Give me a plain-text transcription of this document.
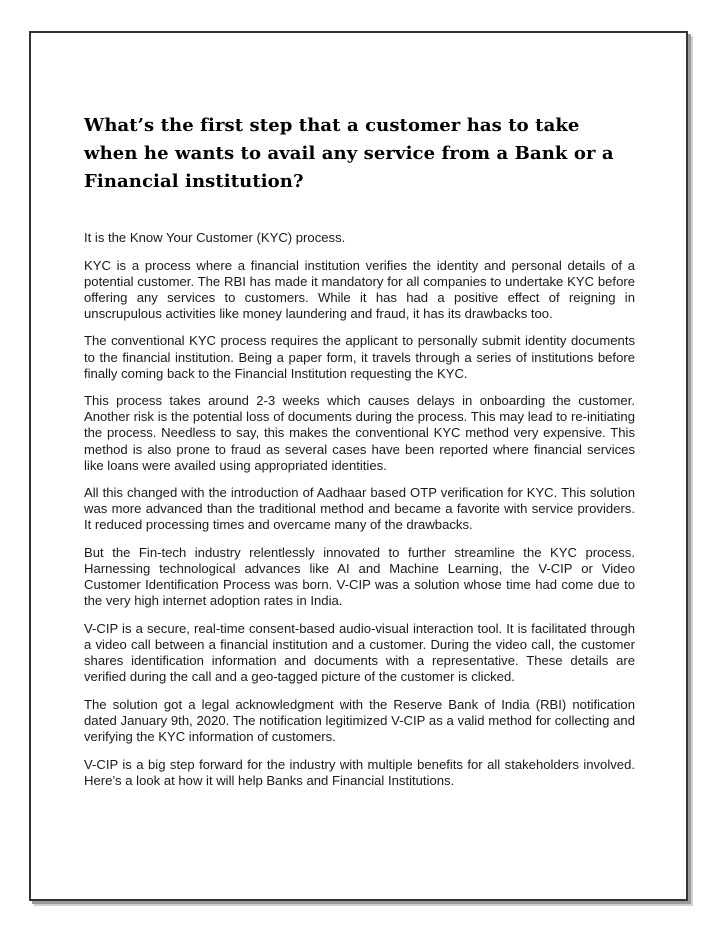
What’s the first step that a customer has to take when he wants to avail any service from a Bank or a Financial institution?

It is the Know Your Customer (KYC) process.

KYC is a process where a financial institution verifies the identity and personal details of a potential customer. The RBI has made it mandatory for all companies to undertake KYC before offering any services to customers. While it has had a positive effect of reigning in unscrupulous activities like money laundering and fraud, it has its drawbacks too.

The conventional KYC process requires the applicant to personally submit identity documents to the financial institution. Being a paper form, it travels through a series of institutions before finally coming back to the Financial Institution requesting the KYC.

This process takes around 2-3 weeks which causes delays in onboarding the customer. Another risk is the potential loss of documents during the process. This may lead to re-initiating the process. Needless to say, this makes the conventional KYC method very expensive. This method is also prone to fraud as several cases have been reported where financial services like loans were availed using appropriated identities.

All this changed with the introduction of Aadhaar based OTP verification for KYC. This solution was more advanced than the traditional method and became a favorite with service providers. It reduced processing times and overcame many of the drawbacks.

But the Fin-tech industry relentlessly innovated to further streamline the KYC process. Harnessing technological advances like AI and Machine Learning, the V-CIP or Video Customer Identification Process was born. V-CIP was a solution whose time had come due to the very high internet adoption rates in India.

V-CIP is a secure, real-time consent-based audio-visual interaction tool. It is facilitated through a video call between a financial institution and a customer. During the video call, the customer shares identification information and documents with a representative. These details are verified during the call and a geo-tagged picture of the customer is clicked.

The solution got a legal acknowledgment with the Reserve Bank of India (RBI) notification dated January 9th, 2020. The notification legitimized V-CIP as a valid method for collecting and verifying the KYC information of customers.

V-CIP is a big step forward for the industry with multiple benefits for all stakeholders involved. Here’s a look at how it will help Banks and Financial Institutions.
